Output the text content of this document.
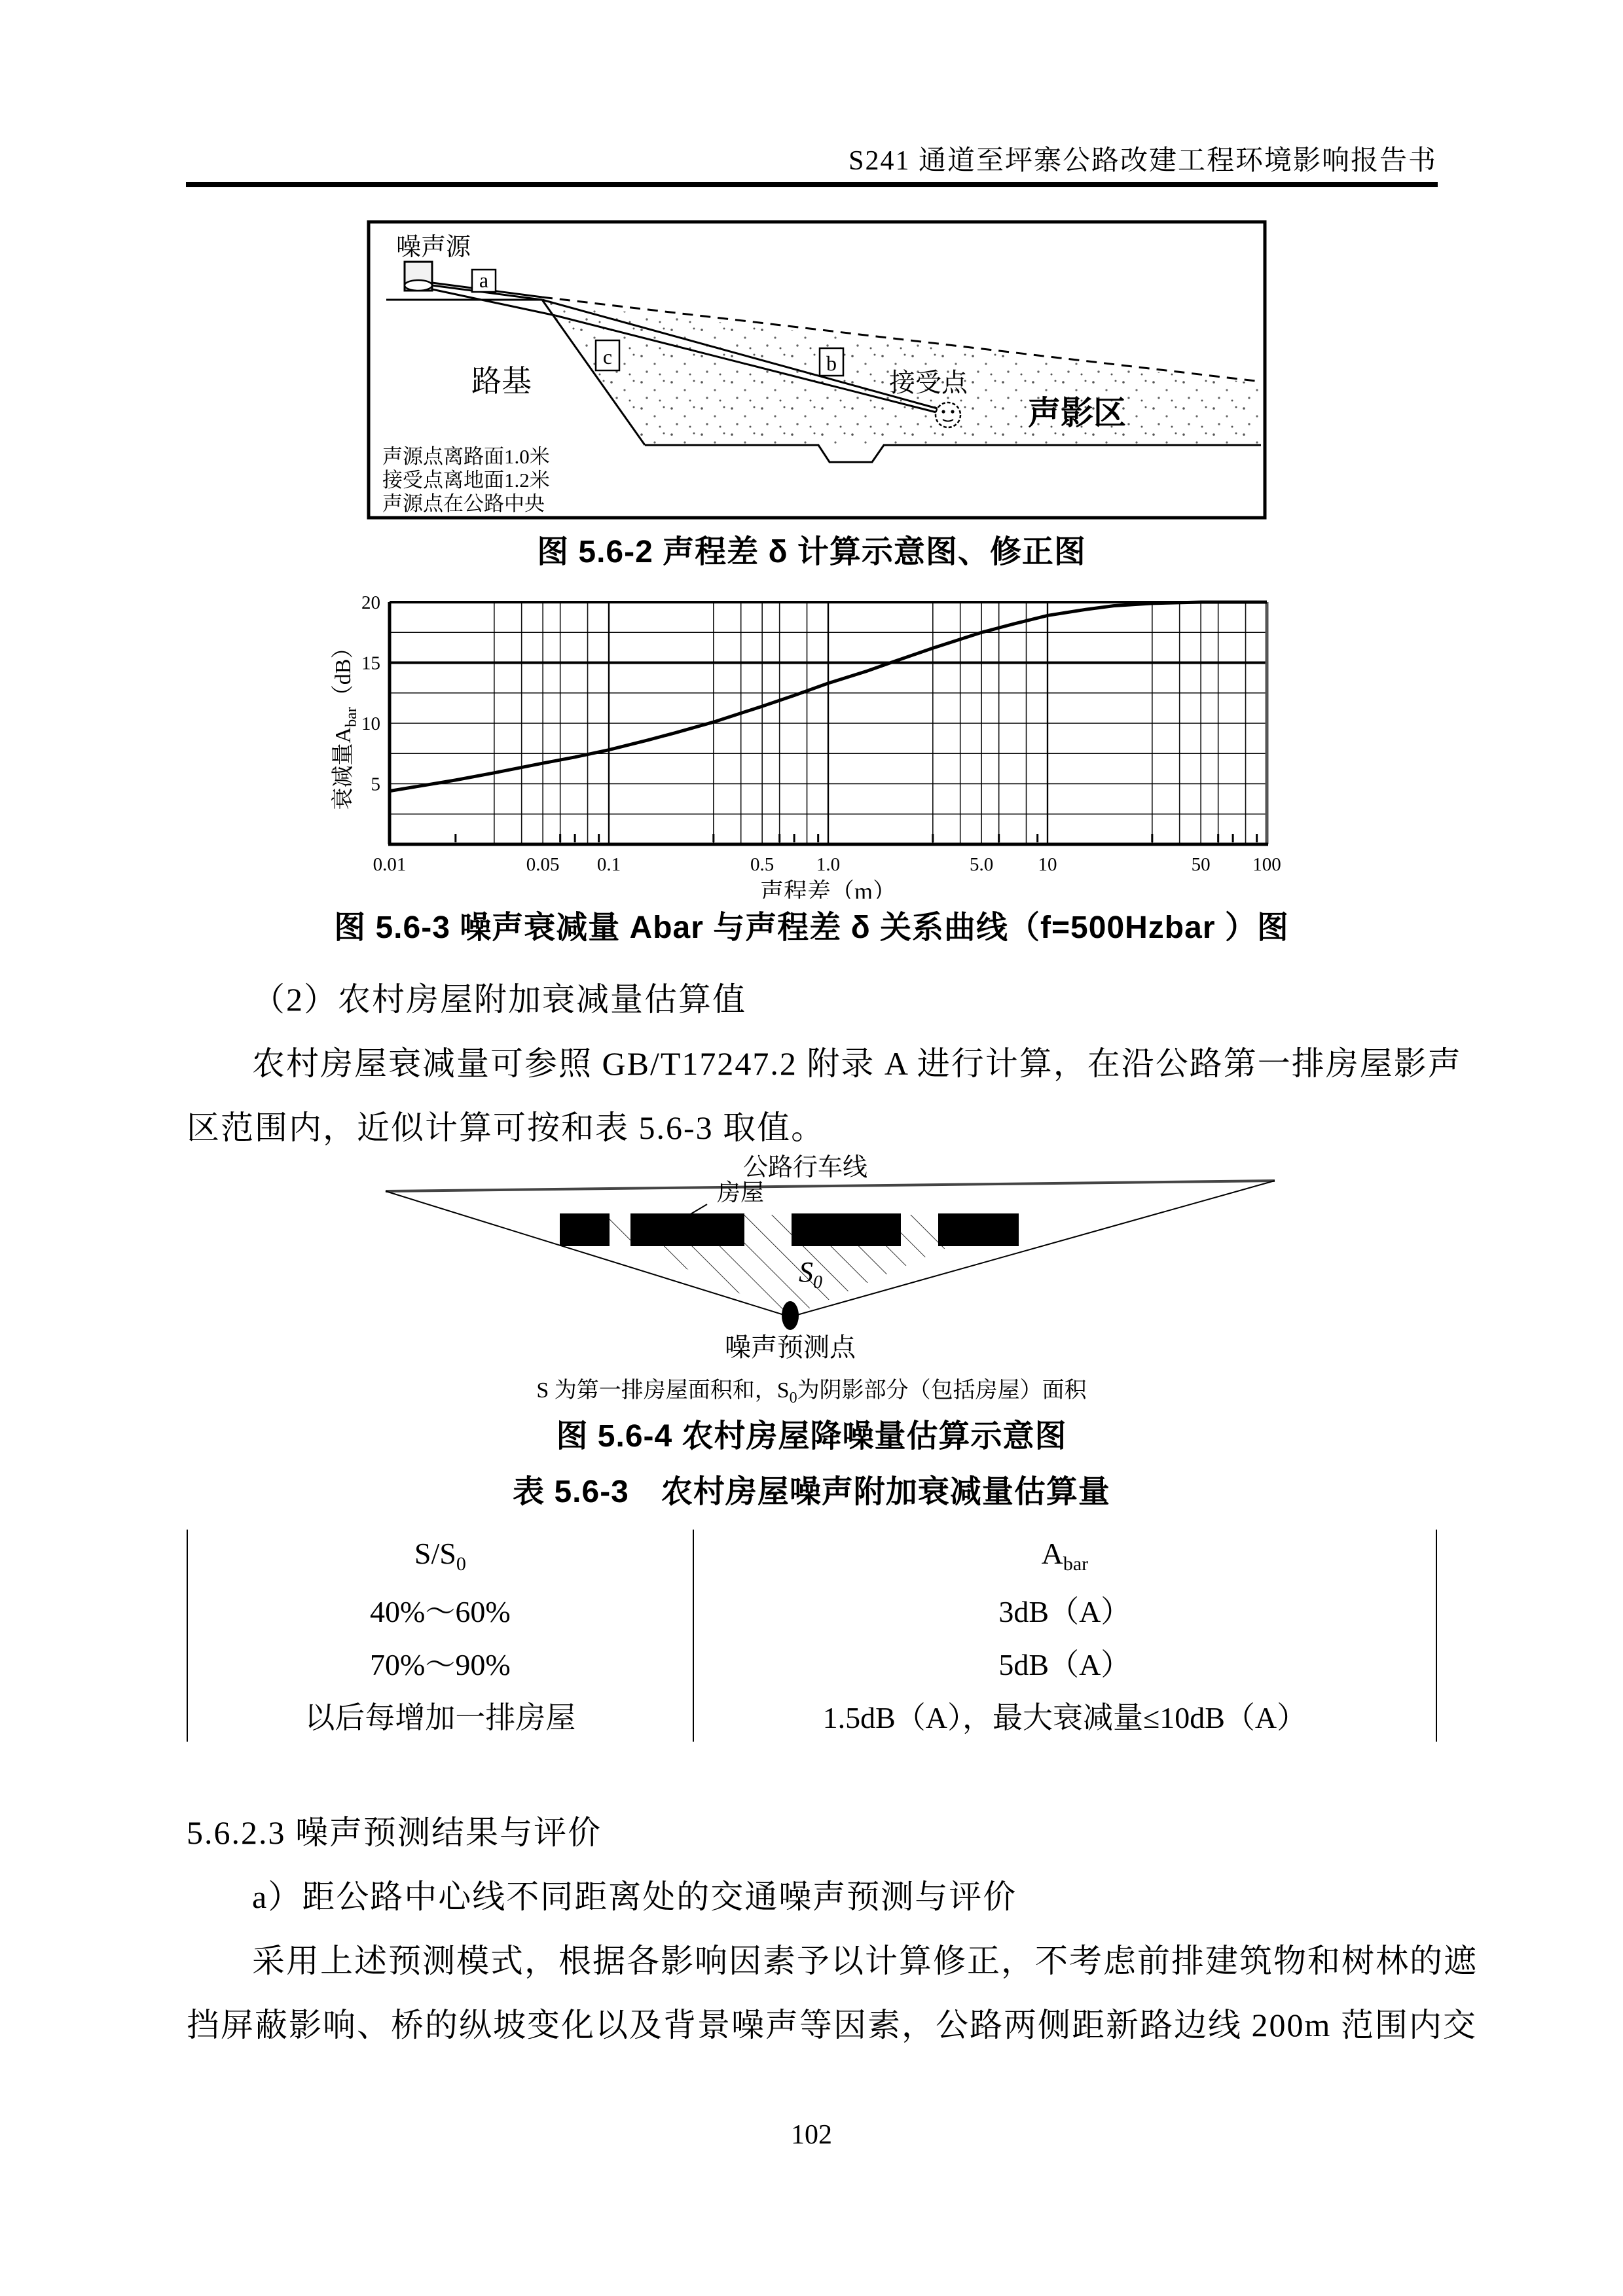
S241 通道至坪寨公路改建工程环境影响报告书
a
c	b
噪声源
路基	接受点
声影区
声源点离路面1.0米
接受点离地面1.2米
声源点在公路中央
图 5.6-2 声程差 δ 计算示意图、修正图
0.01	0.05 0.1	0.5 1.0	5.0 10	50 100
5
10
15
20
声程差（m）
衰减量$A_{bar}(dB)$
图 5.6-3 噪声衰减量 Abar 与声程差 δ 关系曲线（f=500Hzbar ）图
（2）农村房屋附加衰减量估算值
农村房屋衰减量可参照 GB/T17247.2 附录 A 进行计算，在沿公路第一排房屋影声
区范围内，近似计算可按和表 5.6-3 取值。
公路行车线
房屋
$S_0$
噪声预测点
S 为第一排房屋面积和，$S_0$为阴影部分（包括房屋）面积
图 5.6-4 农村房屋降噪量估算示意图
表 5.6-3　农村房屋噪声附加衰减量估算量
$S/S_0$	$A_{bar}$
40%～60%	3dB（A）
70%～90%	5dB（A）
以后每增加一排房屋	1.5dB（A），最大衰减量≤10dB（A）
5.6.2.3 噪声预测结果与评价
a）距公路中心线不同距离处的交通噪声预测与评价
采用上述预测模式，根据各影响因素予以计算修正，不考虑前排建筑物和树林的遮
挡屏蔽影响、桥的纵坡变化以及背景噪声等因素，公路两侧距新路边线 200m 范围内交
102
